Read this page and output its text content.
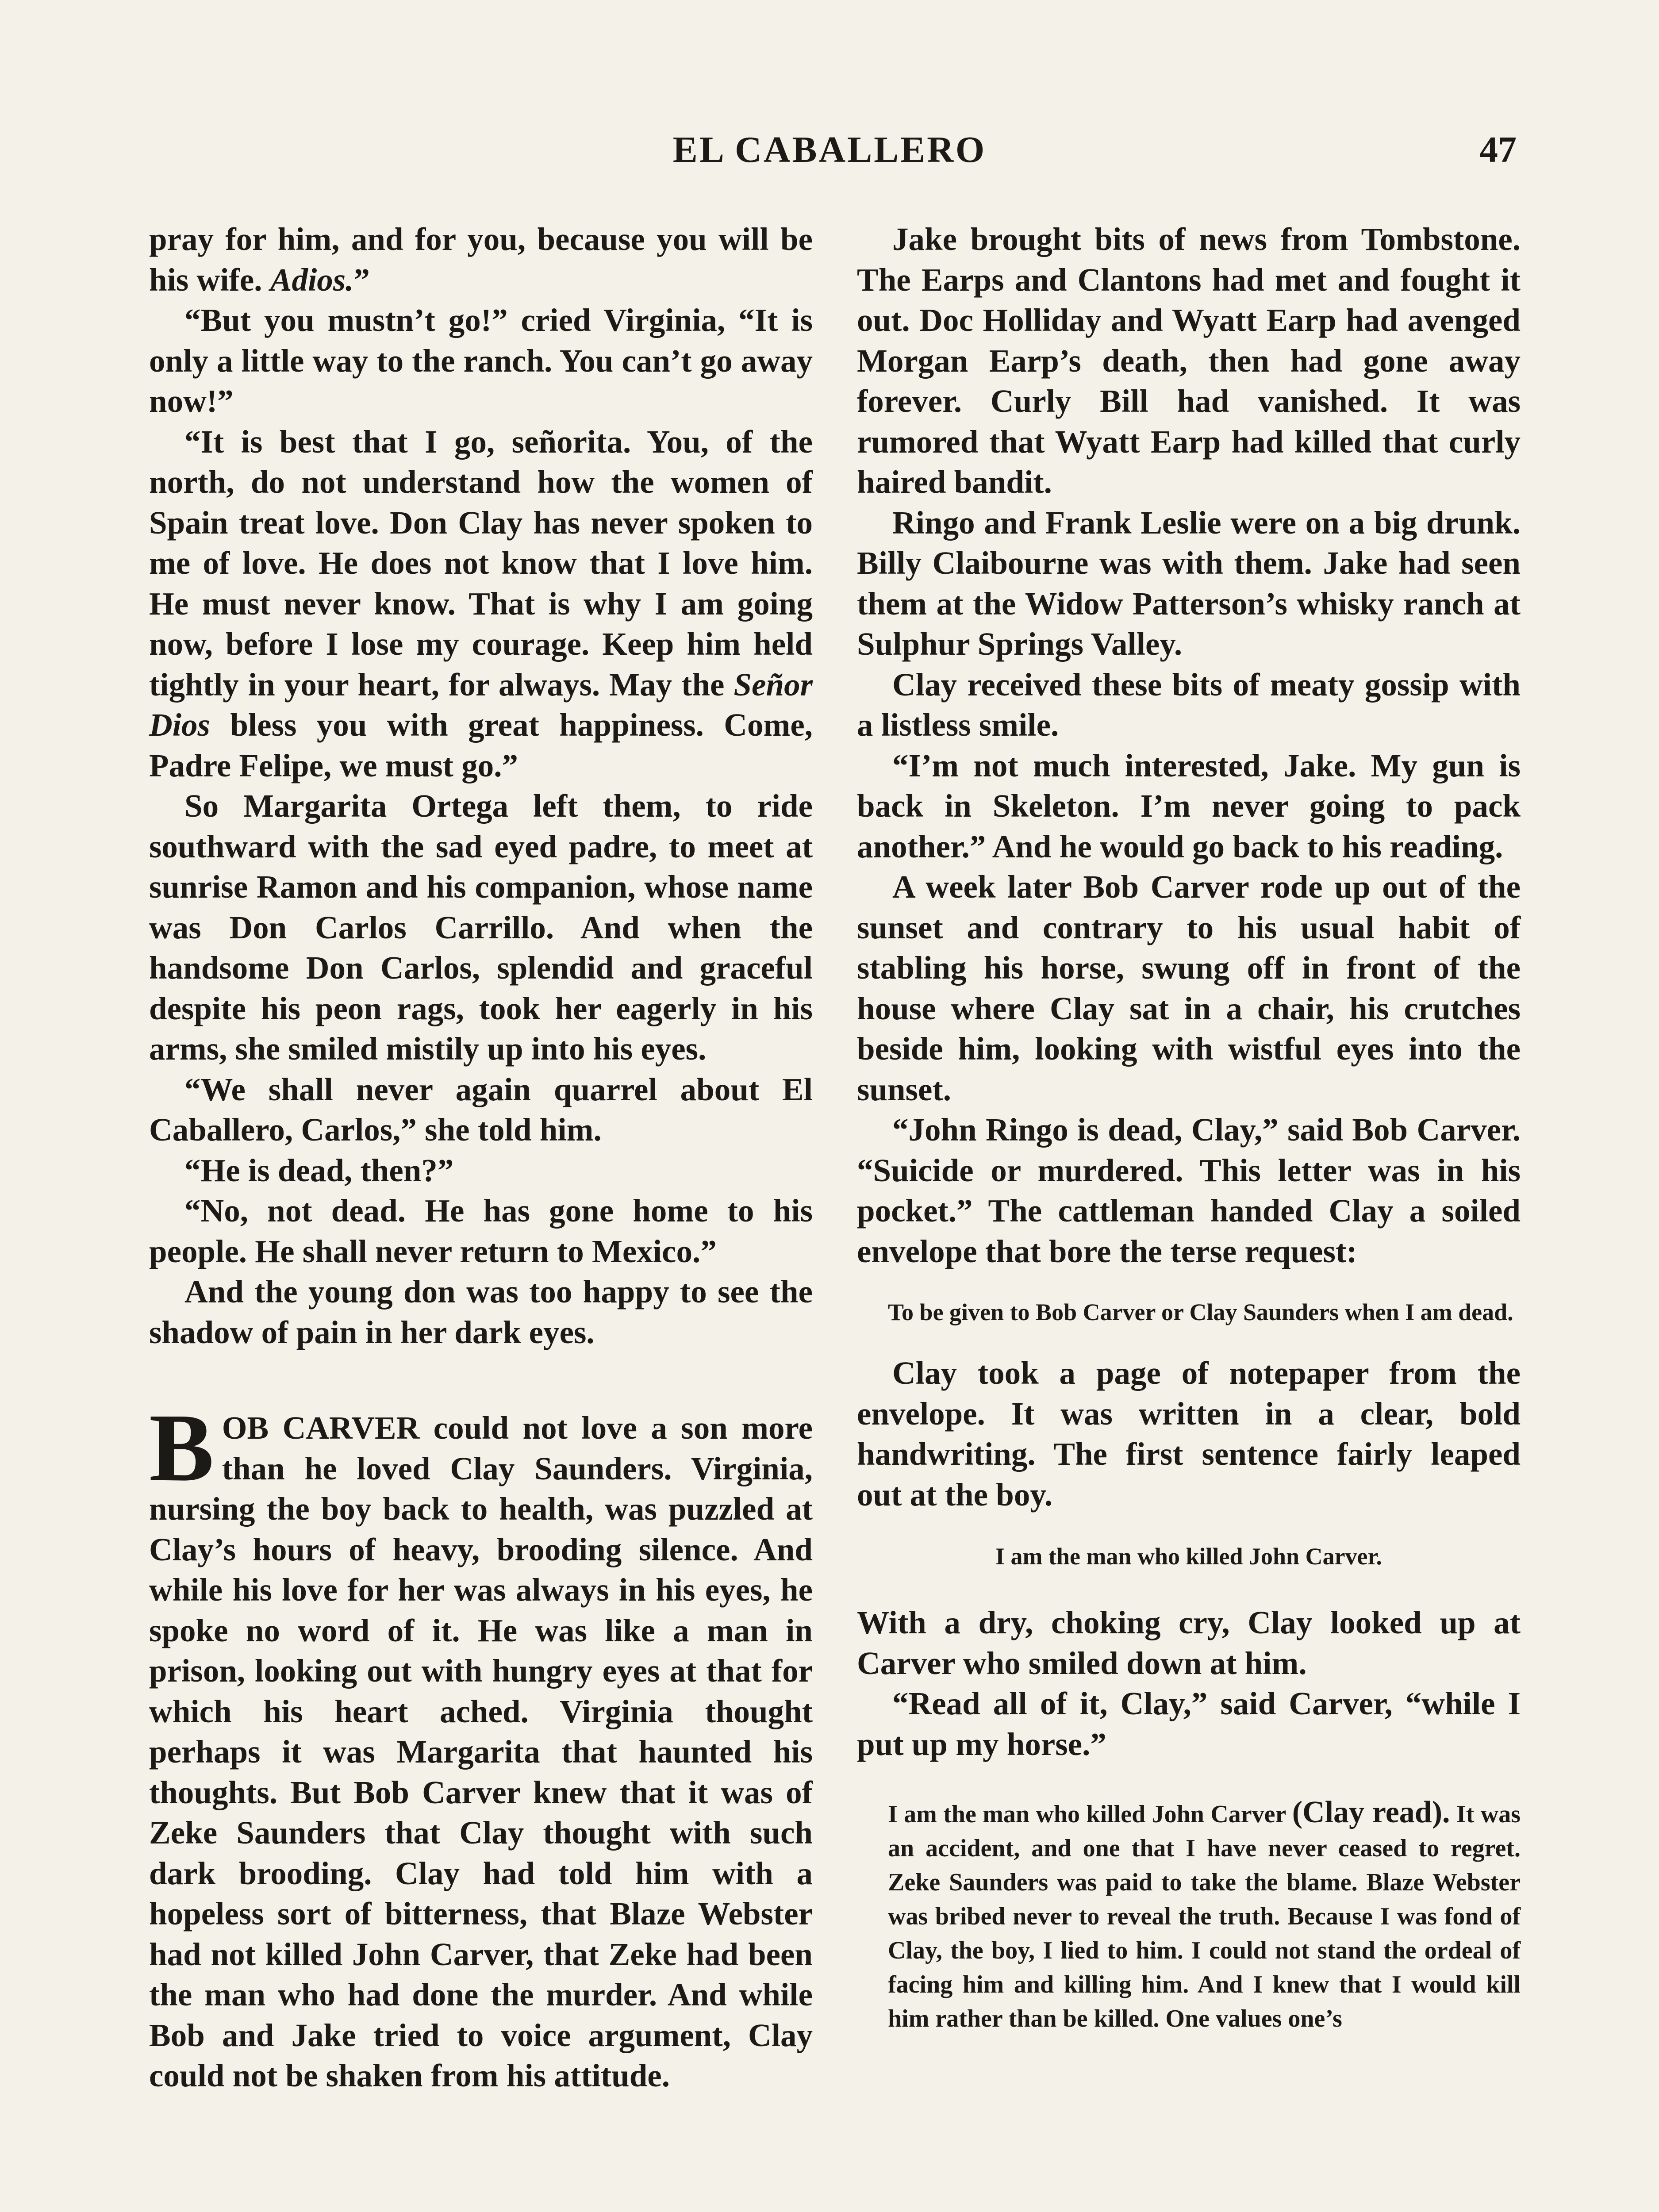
EL CABALLERO	47

pray for him, and for you, because you will be his wife. Adios.”

“But you mustn’t go!” cried Virginia, “It is only a little way to the ranch. You can’t go away now!”

“It is best that I go, señorita. You, of the north, do not understand how the women of Spain treat love. Don Clay has never spoken to me of love. He does not know that I love him. He must never know. That is why I am going now, before I lose my courage. Keep him held tightly in your heart, for always. May the Señor Dios bless you with great happiness. Come, Padre Felipe, we must go.”

So Margarita Ortega left them, to ride southward with the sad eyed padre, to meet at sunrise Ramon and his companion, whose name was Don Carlos Carrillo. And when the handsome Don Carlos, splendid and graceful despite his peon rags, took her eagerly in his arms, she smiled mistily up into his eyes.

“We shall never again quarrel about El Caballero, Carlos,” she told him.

“He is dead, then?”

“No, not dead. He has gone home to his people. He shall never return to Mexico.”

And the young don was too happy to see the shadow of pain in her dark eyes.

BOB CARVER could not love a son more than he loved Clay Saunders. Virginia, nursing the boy back to health, was puzzled at Clay’s hours of heavy, brooding silence. And while his love for her was always in his eyes, he spoke no word of it. He was like a man in prison, looking out with hungry eyes at that for which his heart ached. Virginia thought perhaps it was Margarita that haunted his thoughts. But Bob Carver knew that it was of Zeke Saunders that Clay thought with such dark brooding. Clay had told him with a hopeless sort of bitterness, that Blaze Webster had not killed John Carver, that Zeke had been the man who had done the murder. And while Bob and Jake tried to voice argument, Clay could not be shaken from his attitude.

Jake brought bits of news from Tombstone. The Earps and Clantons had met and fought it out. Doc Holliday and Wyatt Earp had avenged Morgan Earp’s death, then had gone away forever. Curly Bill had vanished. It was rumored that Wyatt Earp had killed that curly haired bandit.

Ringo and Frank Leslie were on a big drunk. Billy Claibourne was with them. Jake had seen them at the Widow Patterson’s whisky ranch at Sulphur Springs Valley.

Clay received these bits of meaty gossip with a listless smile.

“I’m not much interested, Jake. My gun is back in Skeleton. I’m never going to pack another.” And he would go back to his reading.

A week later Bob Carver rode up out of the sunset and contrary to his usual habit of stabling his horse, swung off in front of the house where Clay sat in a chair, his crutches beside him, looking with wistful eyes into the sunset.

“John Ringo is dead, Clay,” said Bob Carver. “Suicide or murdered. This letter was in his pocket.” The cattleman handed Clay a soiled envelope that bore the terse request:

To be given to Bob Carver or Clay Saunders when I am dead.

Clay took a page of notepaper from the envelope. It was written in a clear, bold handwriting. The first sentence fairly leaped out at the boy.

I am the man who killed John Carver.

With a dry, choking cry, Clay looked up at Carver who smiled down at him.

“Read all of it, Clay,” said Carver, “while I put up my horse.”

I am the man who killed John Carver (Clay read). It was an accident, and one that I have never ceased to regret. Zeke Saunders was paid to take the blame. Blaze Webster was bribed never to reveal the truth. Because I was fond of Clay, the boy, I lied to him. I could not stand the ordeal of facing him and killing him. And I knew that I would kill him rather than be killed. One values one’s
